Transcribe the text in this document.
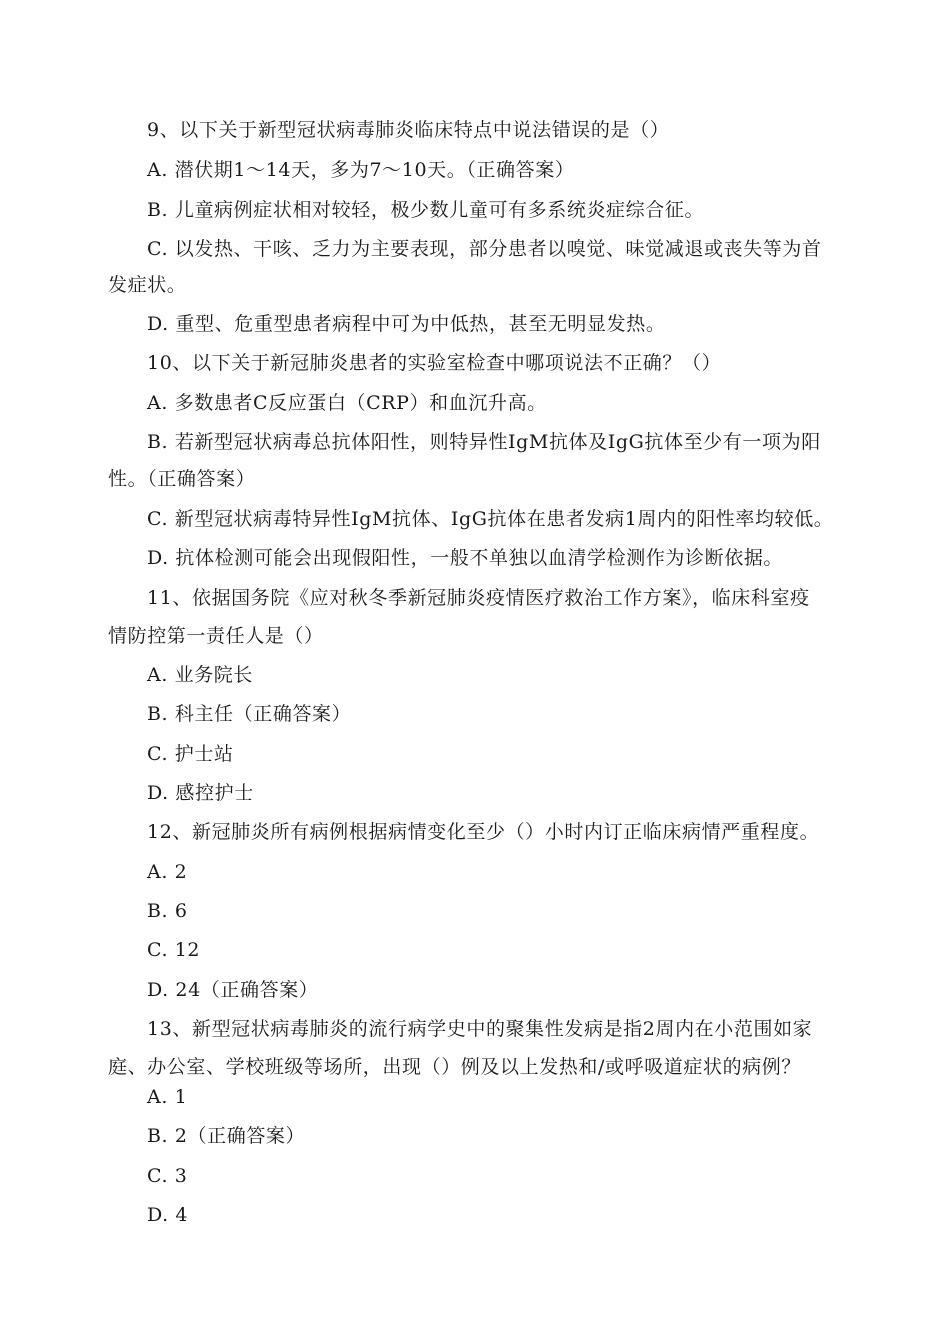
9、以下关于新型冠状病毒肺炎临床特点中说法错误的是（）
A. 潜伏期1～14天，多为7～10天。（正确答案）
B. 儿童病例症状相对较轻，极少数儿童可有多系统炎症综合征。
C. 以发热、干咳、乏力为主要表现，部分患者以嗅觉、味觉减退或丧失等为首
发症状。
D. 重型、危重型患者病程中可为中低热，甚至无明显发热。
10、以下关于新冠肺炎患者的实验室检查中哪项说法不正确？（）
A. 多数患者C反应蛋白（CRP）和血沉升高。
B. 若新型冠状病毒总抗体阳性，则特异性IgM抗体及IgG抗体至少有一项为阳
性。（正确答案）
C. 新型冠状病毒特异性IgM抗体、IgG抗体在患者发病1周内的阳性率均较低。
D. 抗体检测可能会出现假阳性，一般不单独以血清学检测作为诊断依据。
11、依据国务院《应对秋冬季新冠肺炎疫情医疗救治工作方案》，临床科室疫
情防控第一责任人是（）
A. 业务院长
B. 科主任（正确答案）
C. 护士站
D. 感控护士
12、新冠肺炎所有病例根据病情变化至少（）小时内订正临床病情严重程度。
A. 2
B. 6
C. 12
D. 24（正确答案）
13、新型冠状病毒肺炎的流行病学史中的聚集性发病是指2周内在小范围如家
庭、办公室、学校班级等场所，出现（）例及以上发热和/或呼吸道症状的病例？
A. 1
B. 2（正确答案）
C. 3
D. 4
